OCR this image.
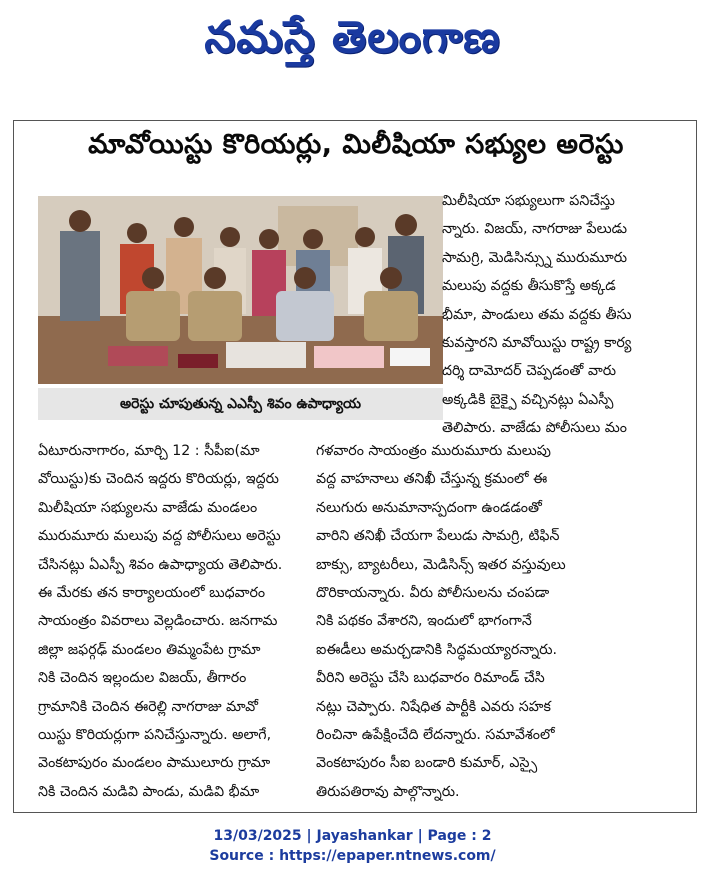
నమస్తే తెలంగాణ
మావోయిస్టు కొరియర్లు, మిలీషియా సభ్యుల అరెస్టు
అరెస్టు చూపుతున్న ఎఎస్పీ శివం ఉపాధ్యాయ

మిలీషియా సభ్యులుగా పనిచేస్తు

న్నారు. విజయ్, నాగరాజు పేలుడు

సామగ్రి, మెడిసిన్స్ను మురుమూరు

మలుపు వద్దకు తీసుకొస్తే అక్కడ

భీమా, పాండులు తమ వద్దకు తీసు

కువస్తారని మావోయిస్టు రాష్ట్ర కార్య

దర్శి దామోదర్ చెప్పడంతో వారు

అక్కడికి బైక్పై వచ్చినట్లు ఏఎస్పీ

తెలిపారు. వాజేడు పోలీసులు మం

ఏటూరునాగారం, మార్చి 12 : సీపీఐ(మా

వోయిస్టు)కు చెందిన ఇద్దరు కొరియర్లు, ఇద్దరు

మిలీషియా సభ్యులను వాజేడు మండలం

మురుమూరు మలుపు వద్ద పోలీసులు అరెస్టు

చేసినట్లు ఏఎస్పీ శివం ఉపాధ్యాయ తెలిపారు.

ఈ మేరకు తన కార్యాలయంలో బుధవారం

సాయంత్రం వివరాలు వెల్లడించారు. జనగామ

జిల్లా జఫర్గఢ్ మండలం తిమ్మంపేట గ్రామా

నికి చెందిన ఇల్లందుల విజయ్, తీగారం

గ్రామానికి చెందిన ఈరెల్లి నాగరాజు మావో

యిస్టు కొరియర్లుగా పనిచేస్తున్నారు. అలాగే,

వెంకటాపురం మండలం పాములూరు గ్రామా

నికి చెందిన మడివి పాండు, మడివి భీమా

గళవారం సాయంత్రం మురుమూరు మలుపు

వద్ద వాహనాలు తనిఖీ చేస్తున్న క్రమంలో ఈ

నలుగురు అనుమానాస్పదంగా ఉండడంతో

వారిని తనిఖీ చేయగా పేలుడు సామగ్రి, టిఫిన్

బాక్సు, బ్యాటరీలు, మెడిసిన్స్ ఇతర వస్తువులు

దొరికాయన్నారు. వీరు పోలీసులను చంపడా

నికి పథకం వేశారని, ఇందులో భాగంగానే

ఐఈడీలు అమర్చడానికి సిద్ధమయ్యారన్నారు.

వీరిని అరెస్టు చేసి బుధవారం రిమాండ్ చేసి

నట్లు చెప్పారు. నిషేధిత పార్టీకి ఎవరు సహక

రించినా ఉపేక్షించేది లేదన్నారు. సమావేశంలో

వెంకటాపురం సీఐ బండారి కుమార్, ఎస్సై

తిరుపతిరావు పాల్గొన్నారు.

13/03/2025 | Jayashankar | Page : 2
Source : https://epaper.ntnews.com/
